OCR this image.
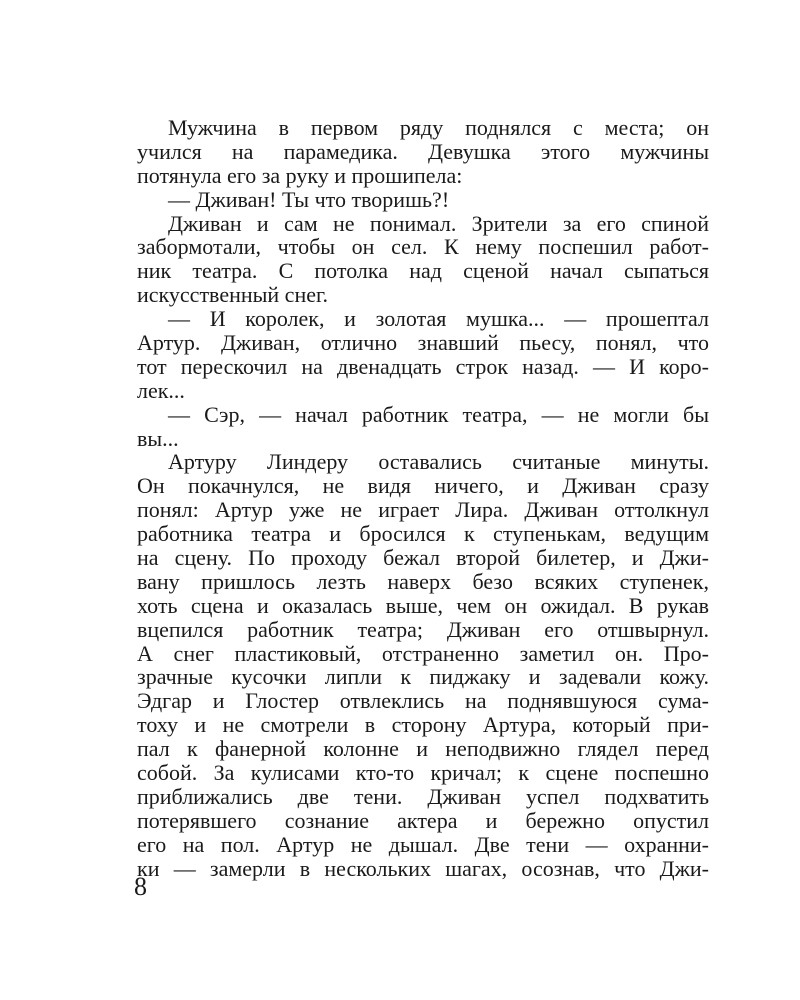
Мужчина в первом ряду поднялся с места; он
учился на парамедика. Девушка этого мужчины
потянула его за руку и прошипела:
— Дживан! Ты что творишь?!
Дживан и сам не понимал. Зрители за его спиной
забормотали, чтобы он сел. К нему поспешил работ-
ник театра. С потолка над сценой начал сыпаться
искусственный снег.
— И королек, и золотая мушка... — прошептал
Артур. Дживан, отлично знавший пьесу, понял, что
тот перескочил на двенадцать строк назад. — И коро-
лек...
— Сэр, — начал работник театра, — не могли бы
вы...
Артуру Линдеру оставались считаные минуты.
Он покачнулся, не видя ничего, и Дживан сразу
понял: Артур уже не играет Лира. Дживан оттолкнул
работника театра и бросился к ступенькам, ведущим
на сцену. По проходу бежал второй билетер, и Джи-
вану пришлось лезть наверх безо всяких ступенек,
хоть сцена и оказалась выше, чем он ожидал. В рукав
вцепился работник театра; Дживан его отшвырнул.
А снег пластиковый, отстраненно заметил он. Про-
зрачные кусочки липли к пиджаку и задевали кожу.
Эдгар и Глостер отвлеклись на поднявшуюся сума-
тоху и не смотрели в сторону Артура, который при-
пал к фанерной колонне и неподвижно глядел перед
собой. За кулисами кто-то кричал; к сцене поспешно
приближались две тени. Дживан успел подхватить
потерявшего сознание актера и бережно опустил
его на пол. Артур не дышал. Две тени — охранни-
ки — замерли в нескольких шагах, осознав, что Джи-
8
